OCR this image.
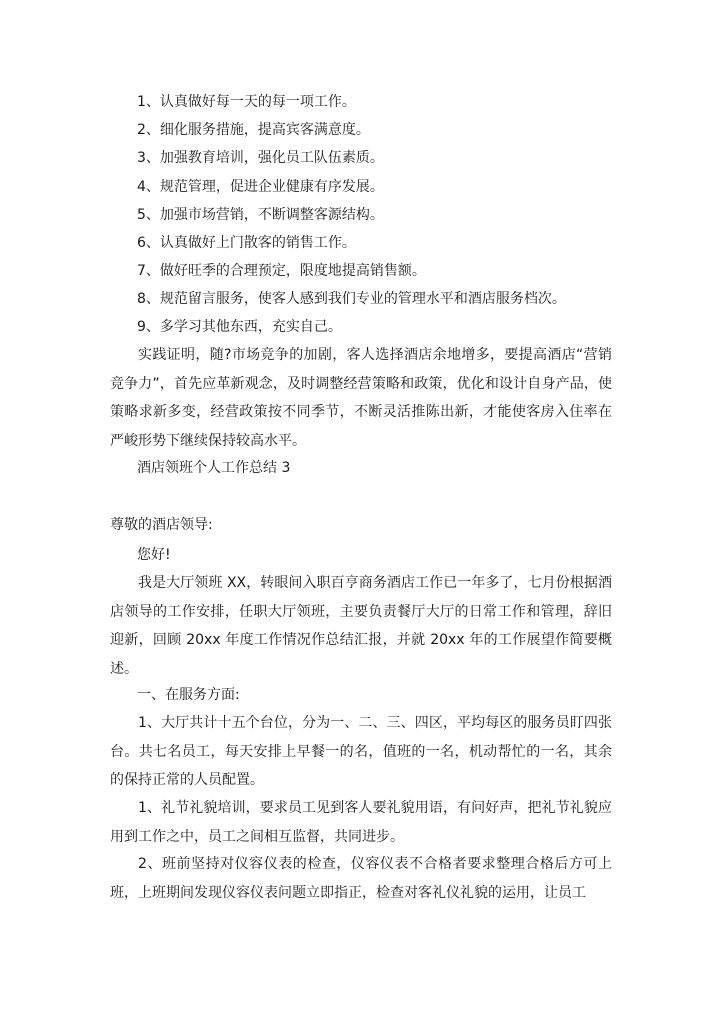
1、认真做好每一天的每一项工作。
2、细化服务措施，提高宾客满意度。
3、加强教育培训，强化员工队伍素质。
4、规范管理，促进企业健康有序发展。
5、加强市场营销，不断调整客源结构。
6、认真做好上门散客的销售工作。
7、做好旺季的合理预定，限度地提高销售额。
8、规范留言服务，使客人感到我们专业的管理水平和酒店服务档次。
9、多学习其他东西，充实自己。
实践证明，随?市场竞争的加剧，客人选择酒店余地增多，要提高酒店“营销竞争力”，首先应革新观念，及时调整经营策略和政策，优化和设计自身产品，使策略求新多变，经营政策按不同季节，不断灵活推陈出新，才能使客房入住率在严峻形势下继续保持较高水平。
酒店领班个人工作总结 3
尊敬的酒店领导:
您好!
我是大厅领班 XX，转眼间入职百亨商务酒店工作已一年多了，七月份根据酒店领导的工作安排，任职大厅领班，主要负责餐厅大厅的日常工作和管理，辞旧迎新，回顾 20xx 年度工作情况作总结汇报，并就 20xx 年的工作展望作简要概述。
一、在服务方面:
1、大厅共计十五个台位，分为一、二、三、四区，平均每区的服务员盯四张台。共七名员工，每天安排上早餐一的名，值班的一名，机动帮忙的一名，其余的保持正常的人员配置。
1、礼节礼貌培训，要求员工见到客人要礼貌用语，有问好声，把礼节礼貌应用到工作之中，员工之间相互监督，共同进步。
2、班前坚持对仪容仪表的检查，仪容仪表不合格者要求整理合格后方可上班，上班期间发现仪容仪表问题立即指正，检查对客礼仪礼貌的运用，让员工
